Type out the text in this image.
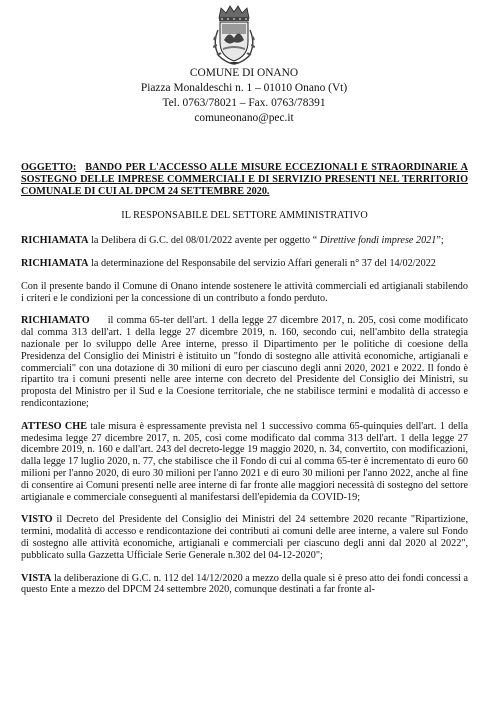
COMUNE DI ONANO
Piazza Monaldeschi n. 1 – 01010 Onano (Vt)
Tel. 0763/78021 – Fax. 0763/78391
comuneonano@pec.it
OGGETTO: BANDO PER L'ACCESSO ALLE MISURE ECCEZIONALI E STRAORDINARIE A SOSTEGNO DELLE IMPRESE COMMERCIALI E DI SERVIZIO PRESENTI NEL TERRITORIO COMUNALE DI CUI AL DPCM 24 SETTEMBRE 2020.
IL RESPONSABILE DEL SETTORE AMMINISTRATIVO
RICHIAMATA la Delibera di G.C. del 08/01/2022 avente per oggetto “ Direttive fondi imprese 2021”;
RICHIAMATA la determinazione del Responsabile del servizio Affari generali n° 37 del 14/02/2022
Con il presente bando il Comune di Onano intende sostenere le attività commerciali ed artigianali stabilendo i criteri e le condizioni per la concessione di un contributo a fondo perduto.
RICHIAMATO il comma 65-ter dell'art. 1 della legge 27 dicembre 2017, n. 205, così come modificato dal comma 313 dell'art. 1 della legge 27 dicembre 2019, n. 160, secondo cui, nell'ambito della strategia nazionale per lo sviluppo delle Aree interne, presso il Dipartimento per le politiche di coesione della Presidenza del Consiglio dei Ministri è istituito un "fondo di sostegno alle attività economiche, artigianali e commerciali" con una dotazione di 30 milioni di euro per ciascuno degli anni 2020, 2021 e 2022. Il fondo è ripartito tra i comuni presenti nelle aree interne con decreto del Presidente del Consiglio dei Ministri, su proposta del Ministro per il Sud e la Coesione territoriale, che ne stabilisce termini e modalità di accesso e rendicontazione;
ATTESO CHE tale misura è espressamente prevista nel 1 successivo comma 65-quinquies dell'art. 1 della medesima legge 27 dicembre 2017, n. 205, così come modificato dal comma 313 dell'art. 1 della legge 27 dicembre 2019, n. 160 e dall'art. 243 del decreto-legge 19 maggio 2020, n. 34, convertito, con modificazioni, dalla legge 17 luglio 2020, n. 77, che stabilisce che il Fondo di cui al comma 65-ter è incrementato di euro 60 milioni per l'anno 2020, di euro 30 milioni per l'anno 2021 e di euro 30 milioni per l'anno 2022, anche al fine di consentire ai Comuni presenti nelle aree interne di far fronte alle maggiori necessità di sostegno del settore artigianale e commerciale conseguenti al manifestarsi dell'epidemia da COVID-19;
VISTO il Decreto del Presidente del Consiglio dei Ministri del 24 settembre 2020 recante "Ripartizione, termini, modalità di accesso e rendicontazione dei contributi ai comuni delle aree interne, a valere sul Fondo di sostegno alle attività economiche, artigianali e commerciali per ciascuno degli anni dal 2020 al 2022", pubblicato sulla Gazzetta Ufficiale Serie Generale n.302 del 04-12-2020";
VISTA la deliberazione di G.C. n. 112 del 14/12/2020 a mezzo della quale si è preso atto dei fondi concessi a questo Ente a mezzo del DPCM 24 settembre 2020, comunque destinati a far fronte al-
